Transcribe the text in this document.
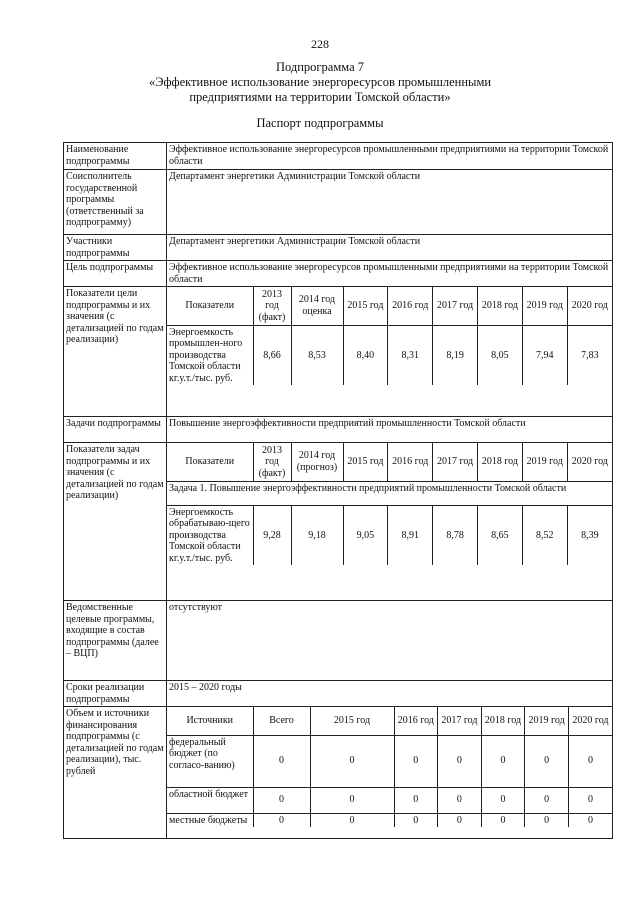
228
Подпрограмма 7
«Эффективное использование энергоресурсов промышленными
предприятиями на территории Томской области»
Паспорт подпрограммы
Наименование подпрограммы	Эффективное использование энергоресурсов промышленными предприятиями на территории Томской области
Соисполнитель государственной программы (ответственный за подпрограмму)	Департамент энергетики Администрации Томской области
Участники подпрограммы	Департамент энергетики Администрации Томской области
Цель подпрограммы	Эффективное использование энергоресурсов промышленными предприятиями на территории Томской области
Показатели цели подпрограммы и их значения (с детализацией по годам реализации)	
Показатели	2013 год (факт)	2014 год оценка	2015 год	2016 год	2017 год	2018 год	2019 год	2020 год
Энергоемкость промышлен-ного производства Томской области кг.у.т./тыс. руб.	8,66	8,53	8,40	8,31	8,19	8,05	7,94	7,83

Задачи подпрограммы	Повышение энергоэффективности предприятий промышленности Томской области
Показатели задач подпрограммы и их значения (с детализацией по годам реализации)	
Показатели	2013 год (факт)	2014 год (прогноз)	2015 год	2016 год	2017 год	2018 год	2019 год	2020 год
Задача 1. Повышение энергоэффективности предприятий промышленности Томской области
Энергоемкость обрабатываю-щего производства Томской области кг.у.т./тыс. руб.	9,28	9,18	9,05	8,91	8,78	8,65	8,52	8,39

Ведомственные целевые программы, входящие в состав подпрограммы (далее – ВЦП)	отсутствуют
Сроки реализации подпрограммы	2015 – 2020 годы
Объем и источники финансирования подпрограммы (с детализацией по годам реализации), тыс. рублей	
Источники	Всего	2015 год	2016 год	2017 год	2018 год	2019 год	2020 год
федеральный бюджет (по согласо-ванию)	0	0	0	0	0	0	0
областной бюджет	0	0	0	0	0	0	0
местные бюджеты	0	0	0	0	0	0	0
